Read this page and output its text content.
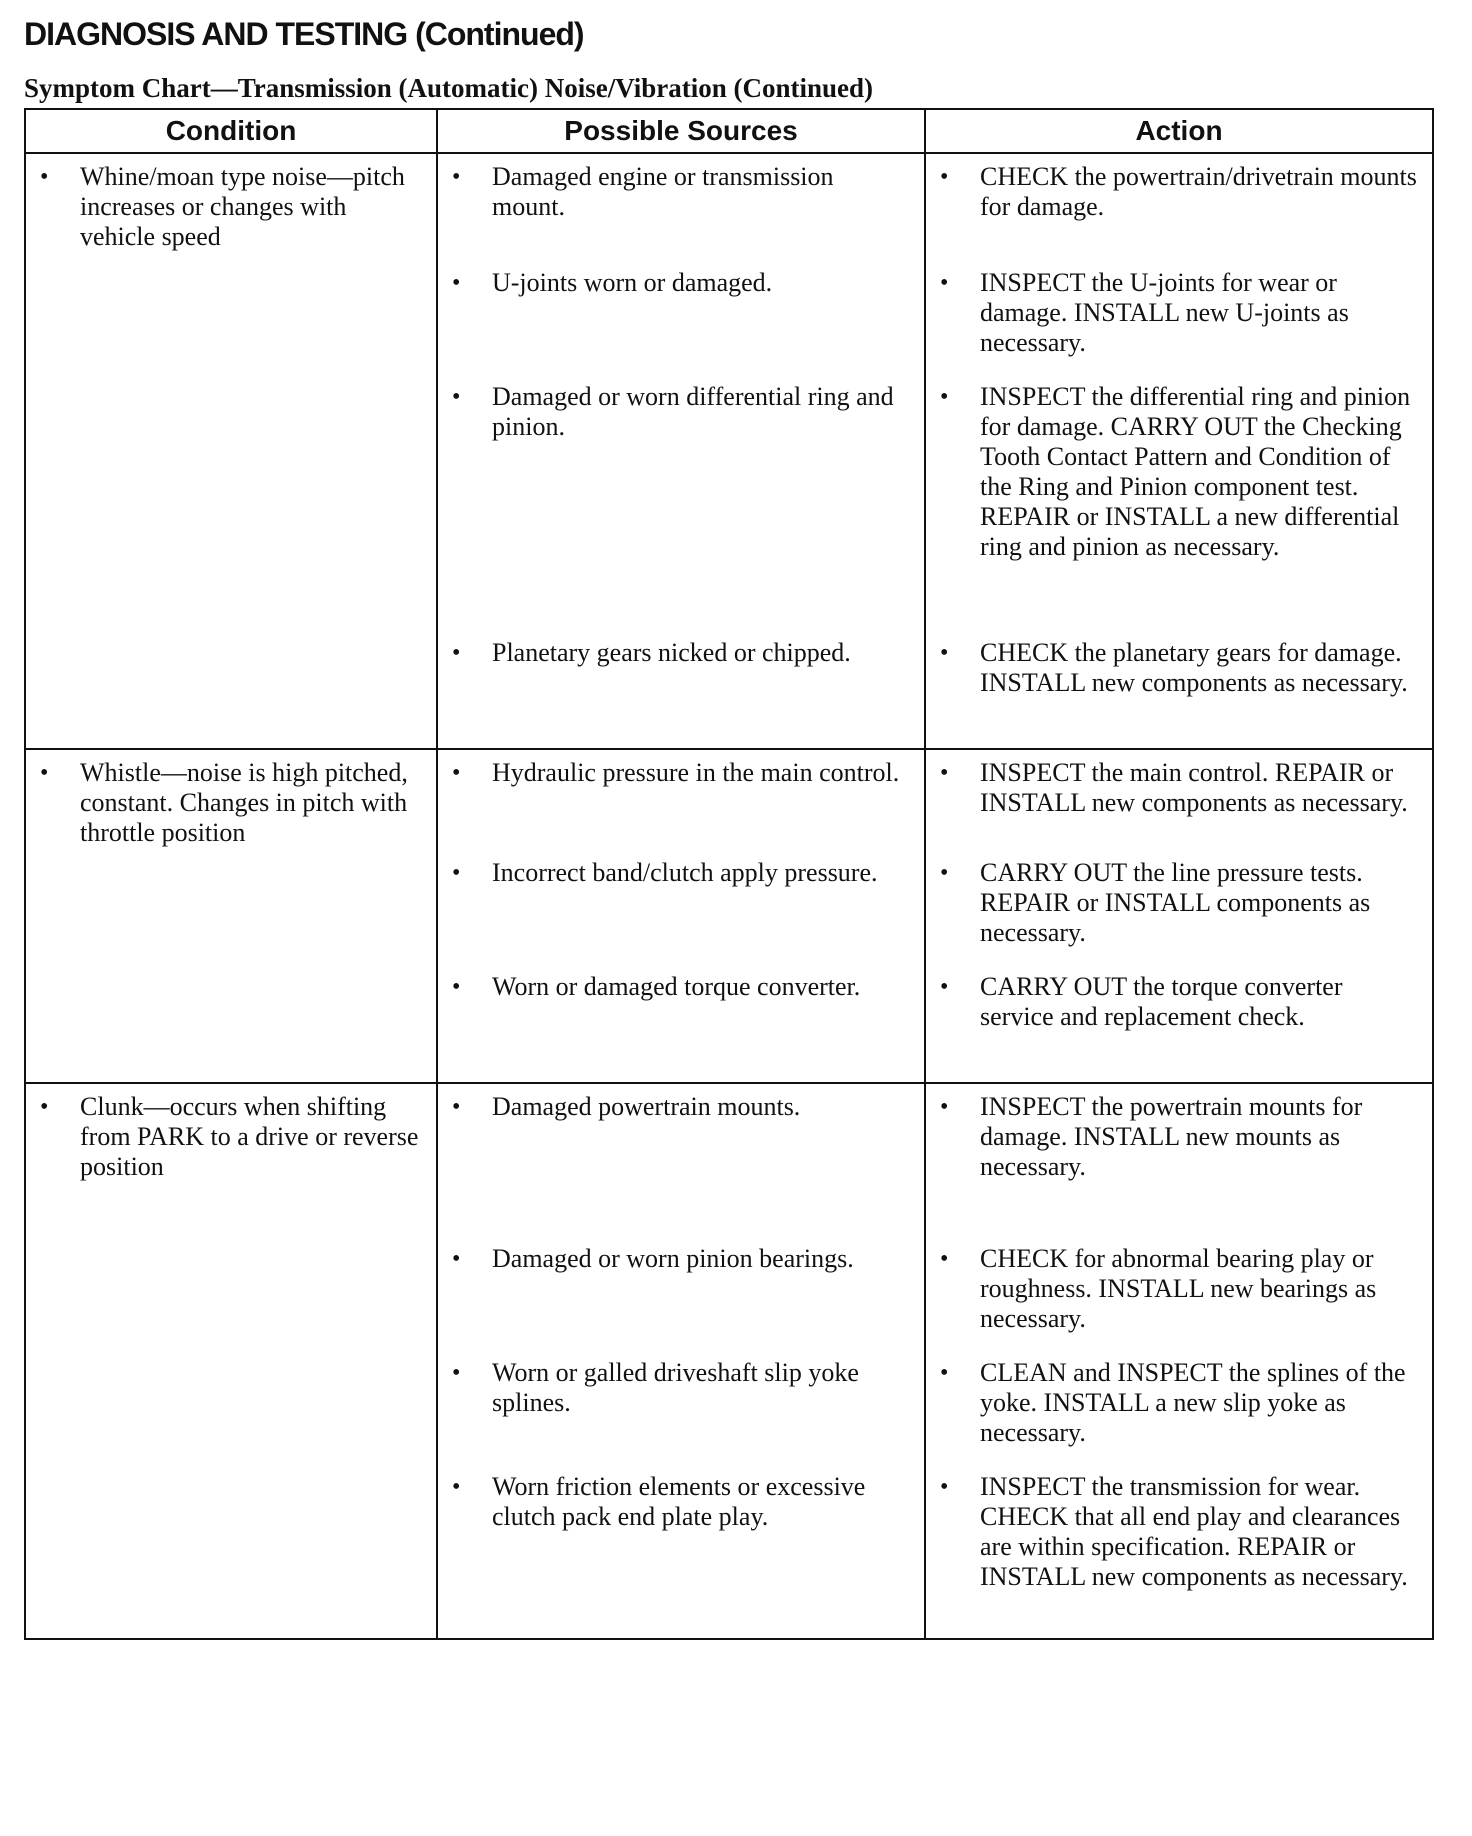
DIAGNOSIS AND TESTING (Continued)
Symptom Chart—Transmission (Automatic) Noise/Vibration (Continued)
Condition	Possible Sources	Action

• Whine/moan type noise—pitch increases or changes with vehicle speed	• Damaged engine or transmission mount.	• CHECK the powertrain/drivetrain mounts for damage.

	• U-joints worn or damaged.	• INSPECT the U-joints for wear or damage. INSTALL new U-joints as necessary.

	• Damaged or worn differential ring and pinion.	• INSPECT the differential ring and pinion for damage. CARRY OUT the Checking Tooth Contact Pattern and Condition of the Ring and Pinion component test. REPAIR or INSTALL a new differential ring and pinion as necessary.

	• Planetary gears nicked or chipped.	• CHECK the planetary gears for damage. INSTALL new components as necessary.

• Whistle—noise is high pitched, constant. Changes in pitch with throttle position	• Hydraulic pressure in the main control.	• INSPECT the main control. REPAIR or INSTALL new components as necessary.

	• Incorrect band/clutch apply pressure.	• CARRY OUT the line pressure tests. REPAIR or INSTALL components as necessary.

	• Worn or damaged torque converter.	• CARRY OUT the torque converter service and replacement check.

• Clunk—occurs when shifting from PARK to a drive or reverse position	• Damaged powertrain mounts.	• INSPECT the powertrain mounts for damage. INSTALL new mounts as necessary.

	• Damaged or worn pinion bearings.	• CHECK for abnormal bearing play or roughness. INSTALL new bearings as necessary.

	• Worn or galled driveshaft slip yoke splines.	• CLEAN and INSPECT the splines of the yoke. INSTALL a new slip yoke as necessary.

	• Worn friction elements or excessive clutch pack end plate play.	• INSPECT the transmission for wear. CHECK that all end play and clearances are within specification. REPAIR or INSTALL new components as necessary.
